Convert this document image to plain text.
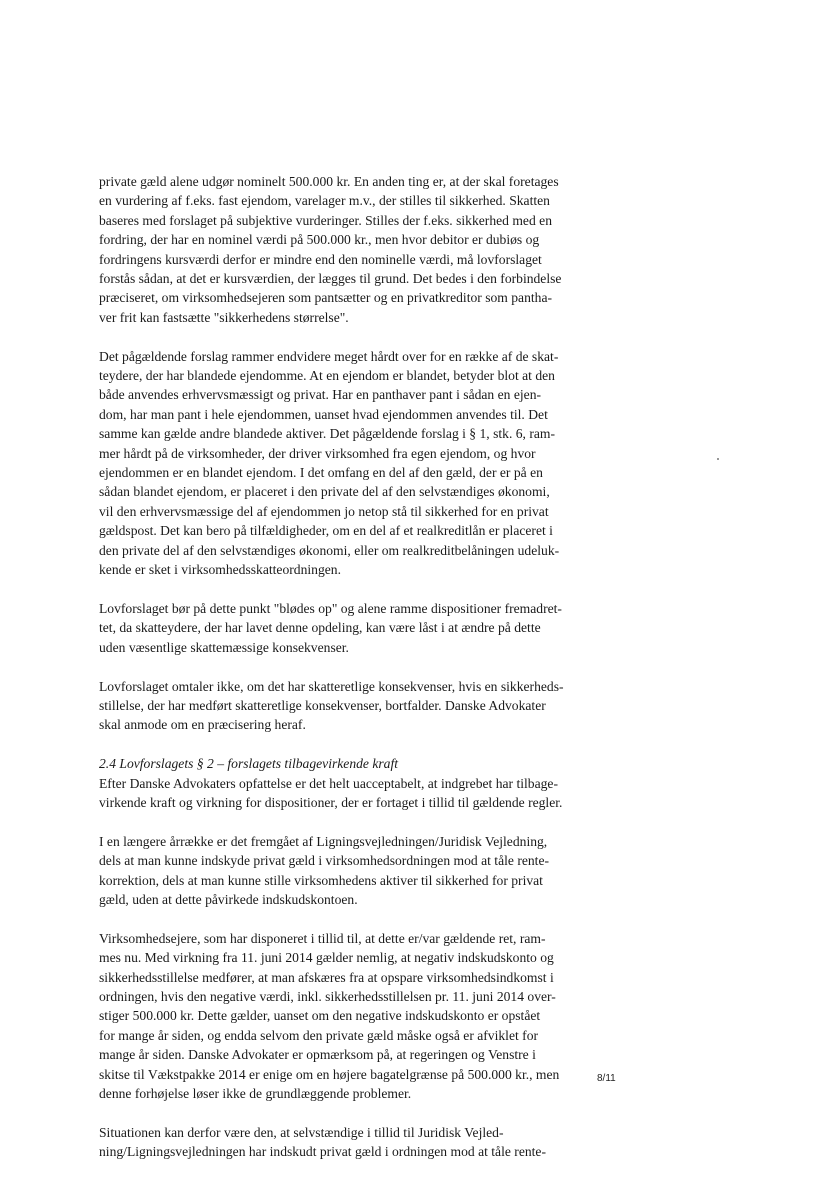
private gæld alene udgør nominelt 500.000 kr. En anden ting er, at der skal foretages
en vurdering af f.eks. fast ejendom, varelager m.v., der stilles til sikkerhed. Skatten
baseres med forslaget på subjektive vurderinger. Stilles der f.eks. sikkerhed med en
fordring, der har en nominel værdi på 500.000 kr., men hvor debitor er dubiøs og
fordringens kursværdi derfor er mindre end den nominelle værdi, må lovforslaget
forstås sådan, at det er kursværdien, der lægges til grund. Det bedes i den forbindelse
præciseret, om virksomhedsejeren som pantsætter og en privatkreditor som pantha-
ver frit kan fastsætte "sikkerhedens størrelse".
Det pågældende forslag rammer endvidere meget hårdt over for en række af de skat-
teydere, der har blandede ejendomme. At en ejendom er blandet, betyder blot at den
både anvendes erhvervsmæssigt og privat. Har en panthaver pant i sådan en ejen-
dom, har man pant i hele ejendommen, uanset hvad ejendommen anvendes til. Det
samme kan gælde andre blandede aktiver. Det pågældende forslag i § 1, stk. 6, ram-
mer hårdt på de virksomheder, der driver virksomhed fra egen ejendom, og hvor
ejendommen er en blandet ejendom. I det omfang en del af den gæld, der er på en
sådan blandet ejendom, er placeret i den private del af den selvstændiges økonomi,
vil den erhvervsmæssige del af ejendommen jo netop stå til sikkerhed for en privat
gældspost. Det kan bero på tilfældigheder, om en del af et realkreditlån er placeret i
den private del af den selvstændiges økonomi, eller om realkreditbelåningen udeluk-
kende er sket i virksomhedsskatteordningen.
Lovforslaget bør på dette punkt "blødes op" og alene ramme dispositioner fremadret-
tet, da skatteydere, der har lavet denne opdeling, kan være låst i at ændre på dette
uden væsentlige skattemæssige konsekvenser.
Lovforslaget omtaler ikke, om det har skatteretlige konsekvenser, hvis en sikkerheds-
stillelse, der har medført skatteretlige konsekvenser, bortfalder. Danske Advokater
skal anmode om en præcisering heraf.
2.4 Lovforslagets § 2 – forslagets tilbagevirkende kraft
Efter Danske Advokaters opfattelse er det helt uacceptabelt, at indgrebet har tilbage-
virkende kraft og virkning for dispositioner, der er fortaget i tillid til gældende regler.
I en længere årrække er det fremgået af Ligningsvejledningen/Juridisk Vejledning,
dels at man kunne indskyde privat gæld i virksomhedsordningen mod at tåle rente-
korrektion, dels at man kunne stille virksomhedens aktiver til sikkerhed for privat
gæld, uden at dette påvirkede indskudskontoen.
Virksomhedsejere, som har disponeret i tillid til, at dette er/var gældende ret, ram-
mes nu. Med virkning fra 11. juni 2014 gælder nemlig, at negativ indskudskonto og
sikkerhedsstillelse medfører, at man afskæres fra at opspare virksomhedsindkomst i
ordningen, hvis den negative værdi, inkl. sikkerhedsstillelsen pr. 11. juni 2014 over-
stiger 500.000 kr. Dette gælder, uanset om den negative indskudskonto er opstået
for mange år siden, og endda selvom den private gæld måske også er afviklet for
mange år siden. Danske Advokater er opmærksom på, at regeringen og Venstre i
skitse til Vækstpakke 2014 er enige om en højere bagatelgrænse på 500.000 kr., men
denne forhøjelse løser ikke de grundlæggende problemer.
Situationen kan derfor være den, at selvstændige i tillid til Juridisk Vejled-
ning/Ligningsvejledningen har indskudt privat gæld i ordningen mod at tåle rente-
8/11
